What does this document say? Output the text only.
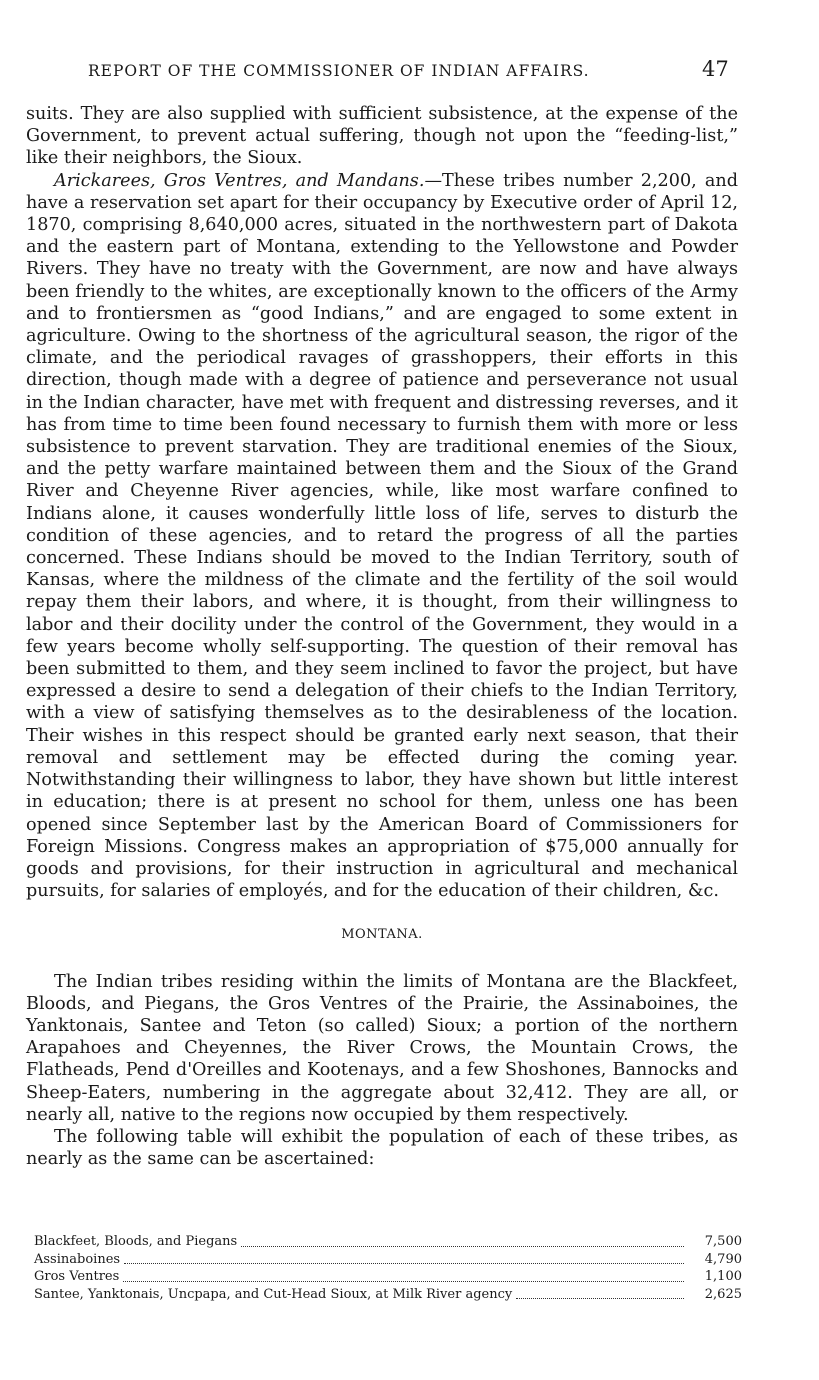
REPORT OF THE COMMISSIONER OF INDIAN AFFAIRS.	47

suits. They are also supplied with sufficient subsistence, at the expense of the Government, to prevent actual suffering, though not upon the “feeding-list,” like their neighbors, the Sioux.

Arickarees, Gros Ventres, and Mandans.—These tribes number 2,200, and have a reservation set apart for their occupancy by Executive order of April 12, 1870, comprising 8,640,000 acres, situated in the northwestern part of Dakota and the eastern part of Montana, extending to the Yellowstone and Powder Rivers. They have no treaty with the Government, are now and have always been friendly to the whites, are exceptionally known to the officers of the Army and to frontiersmen as “good Indians,” and are engaged to some extent in agriculture. Owing to the shortness of the agricultural season, the rigor of the climate, and the periodical ravages of grasshoppers, their efforts in this direction, though made with a degree of patience and perseverance not usual in the Indian character, have met with frequent and distressing reverses, and it has from time to time been found necessary to furnish them with more or less subsistence to prevent starvation. They are traditional enemies of the Sioux, and the petty warfare maintained between them and the Sioux of the Grand River and Cheyenne River agencies, while, like most warfare confined to Indians alone, it causes wonderfully little loss of life, serves to disturb the condition of these agencies, and to retard the progress of all the parties concerned. These Indians should be moved to the Indian Territory, south of Kansas, where the mildness of the climate and the fertility of the soil would repay them their labors, and where, it is thought, from their willingness to labor and their docility under the control of the Government, they would in a few years become wholly self-supporting. The question of their removal has been submitted to them, and they seem inclined to favor the project, but have expressed a desire to send a delegation of their chiefs to the Indian Territory, with a view of satisfying themselves as to the desirableness of the location. Their wishes in this respect should be granted early next season, that their removal and settlement may be effected during the coming year. Notwithstanding their willingness to labor, they have shown but little interest in education; there is at present no school for them, unless one has been opened since September last by the American Board of Commissioners for Foreign Missions. Congress makes an appropriation of $75,000 annually for goods and provisions, for their instruction in agricultural and mechanical pursuits, for salaries of employés, and for the education of their children, &c.

MONTANA.

The Indian tribes residing within the limits of Montana are the Blackfeet, Bloods, and Piegans, the Gros Ventres of the Prairie, the Assinaboines, the Yanktonais, Santee and Teton (so called) Sioux; a portion of the northern Arapahoes and Cheyennes, the River Crows, the Mountain Crows, the Flatheads, Pend d'Oreilles and Kootenays, and a few Shoshones, Bannocks and Sheep-Eaters, numbering in the aggregate about 32,412. They are all, or nearly all, native to the regions now occupied by them respectively.

The following table will exhibit the population of each of these tribes, as nearly as the same can be ascertained:

Blackfeet, Bloods, and Piegans	7,500
Assinaboines	4,790
Gros Ventres	1,100
Santee, Yanktonais, Uncpapa, and Cut-Head Sioux, at Milk River agency	2,625
